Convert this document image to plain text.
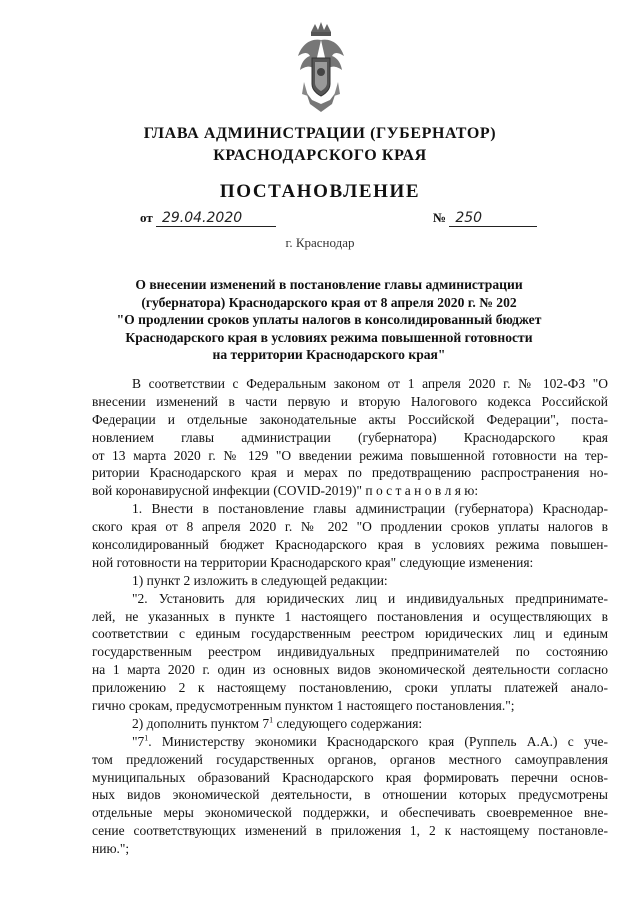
ГЛАВА АДМИНИСТРАЦИИ (ГУБЕРНАТОР)
КРАСНОДАРСКОГО КРАЯ
ПОСТАНОВЛЕНИЕ
от 29.04.2020	№ 250
г. Краснодар
О внесении изменений в постановление главы администрации
(губернатора) Краснодарского края от 8 апреля 2020 г. № 202
"О продлении сроков уплаты налогов в консолидированный бюджет
Краснодарского края в условиях режима повышенной готовности
на территории Краснодарского края"
В соответствии с Федеральным законом от 1 апреля 2020 г. № 102-ФЗ "О
внесении изменений в части первую и вторую Налогового кодекса Российской
Федерации и отдельные законодательные акты Российской Федерации", поста-
новлением главы администрации (губернатора) Краснодарского края
от 13 марта 2020 г. № 129 "О введении режима повышенной готовности на тер-
ритории Краснодарского края и мерах по предотвращению распространения но-
вой коронавирусной инфекции (COVID-2019)" п о с т а н о в л я ю:
1. Внести в постановление главы администрации (губернатора) Краснодар-
ского края от 8 апреля 2020 г. № 202 "О продлении сроков уплаты налогов в
консолидированный бюджет Краснодарского края в условиях режима повышен-
ной готовности на территории Краснодарского края" следующие изменения:
1) пункт 2 изложить в следующей редакции:
"2. Установить для юридических лиц и индивидуальных предпринимате-
лей, не указанных в пункте 1 настоящего постановления и осуществляющих в
соответствии с единым государственным реестром юридических лиц и единым
государственным реестром индивидуальных предпринимателей по состоянию
на 1 марта 2020 г. один из основных видов экономической деятельности согласно
приложению 2 к настоящему постановлению, сроки уплаты платежей анало-
гично срокам, предусмотренным пунктом 1 настоящего постановления.";
2) дополнить пунктом $7^1$ следующего содержания:
"$7^1$. Министерству экономики Краснодарского края (Руппель А.А.) с уче-
том предложений государственных органов, органов местного самоуправления
муниципальных образований Краснодарского края формировать перечни основ-
ных видов экономической деятельности, в отношении которых предусмотрены
отдельные меры экономической поддержки, и обеспечивать своевременное вне-
сение соответствующих изменений в приложения 1, 2 к настоящему постановле-
нию.";
